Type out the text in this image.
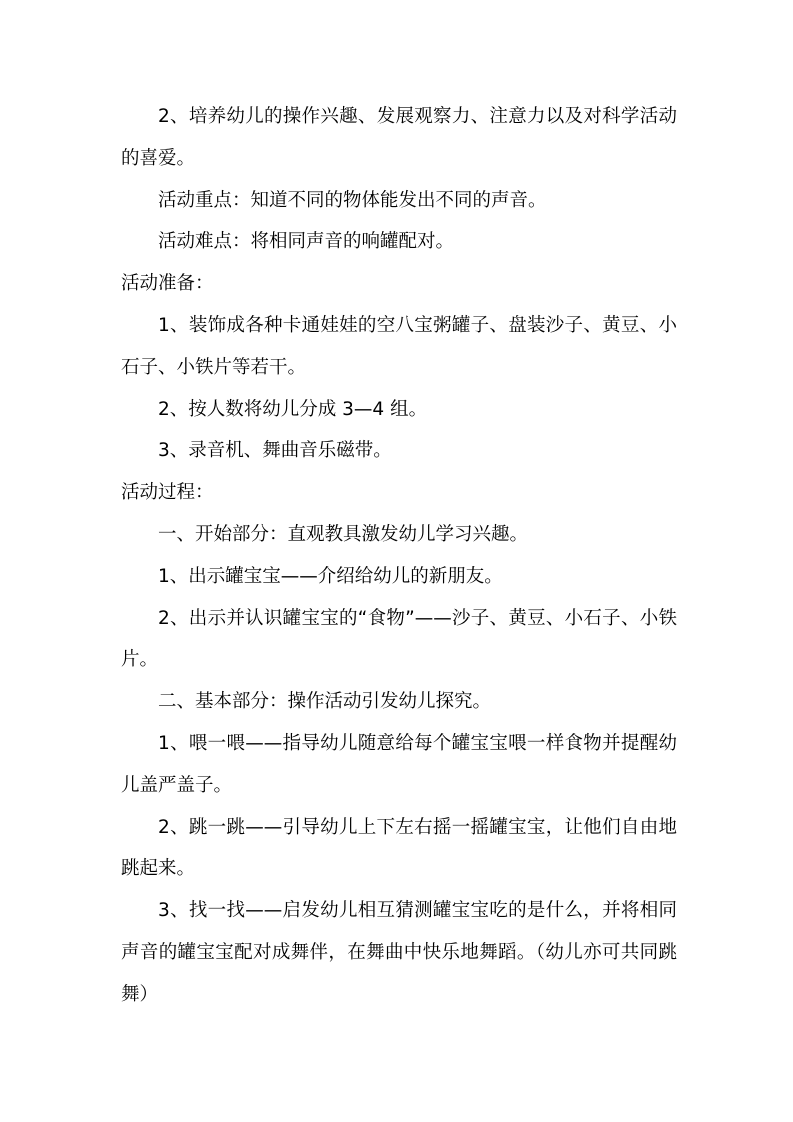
2、培养幼儿的操作兴趣、发展观察力、注意力以及对科学活动的喜爱。

活动重点：知道不同的物体能发出不同的声音。

活动难点：将相同声音的响罐配对。

活动准备：

1、装饰成各种卡通娃娃的空八宝粥罐子、盘装沙子、黄豆、小石子、小铁片等若干。

2、按人数将幼儿分成 3—4 组。

3、录音机、舞曲音乐磁带。

活动过程：

一、开始部分：直观教具激发幼儿学习兴趣。

1、出示罐宝宝——介绍给幼儿的新朋友。

2、出示并认识罐宝宝的“食物”——沙子、黄豆、小石子、小铁片。

二、基本部分：操作活动引发幼儿探究。

1、喂一喂——指导幼儿随意给每个罐宝宝喂一样食物并提醒幼儿盖严盖子。

2、跳一跳——引导幼儿上下左右摇一摇罐宝宝，让他们自由地跳起来。

3、找一找——启发幼儿相互猜测罐宝宝吃的是什么，并将相同声音的罐宝宝配对成舞伴，在舞曲中快乐地舞蹈。（幼儿亦可共同跳舞）
